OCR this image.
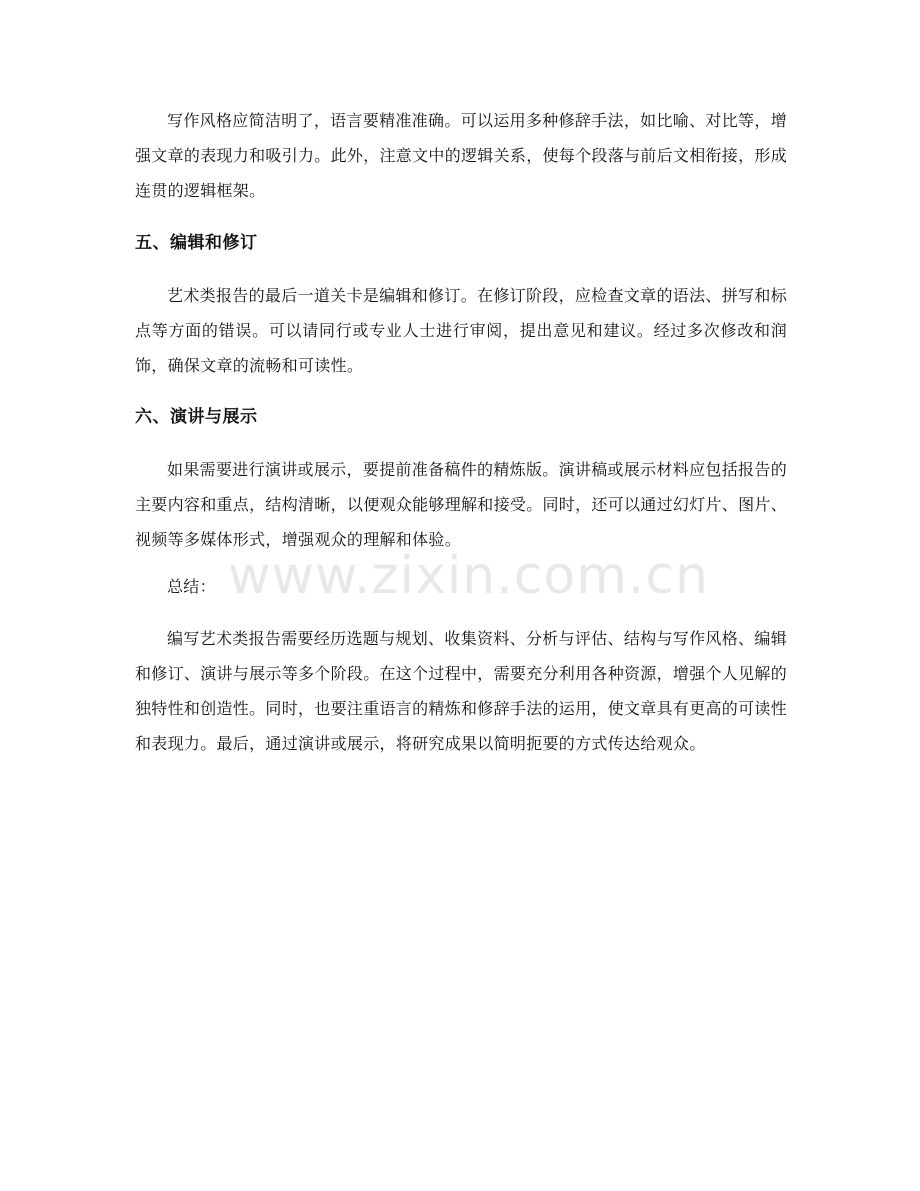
写作风格应简洁明了，语言要精准准确。可以运用多种修辞手法，如比喻、对比等，增强文章的表现力和吸引力。此外，注意文中的逻辑关系，使每个段落与前后文相衔接，形成连贯的逻辑框架。

五、编辑和修订

艺术类报告的最后一道关卡是编辑和修订。在修订阶段，应检查文章的语法、拼写和标点等方面的错误。可以请同行或专业人士进行审阅，提出意见和建议。经过多次修改和润饰，确保文章的流畅和可读性。

六、演讲与展示

如果需要进行演讲或展示，要提前准备稿件的精炼版。演讲稿或展示材料应包括报告的主要内容和重点，结构清晰，以便观众能够理解和接受。同时，还可以通过幻灯片、图片、视频等多媒体形式，增强观众的理解和体验。

总结：

编写艺术类报告需要经历选题与规划、收集资料、分析与评估、结构与写作风格、编辑和修订、演讲与展示等多个阶段。在这个过程中，需要充分利用各种资源，增强个人见解的独特性和创造性。同时，也要注重语言的精炼和修辞手法的运用，使文章具有更高的可读性和表现力。最后，通过演讲或展示，将研究成果以简明扼要的方式传达给观众。

www.zixin.com.cn
